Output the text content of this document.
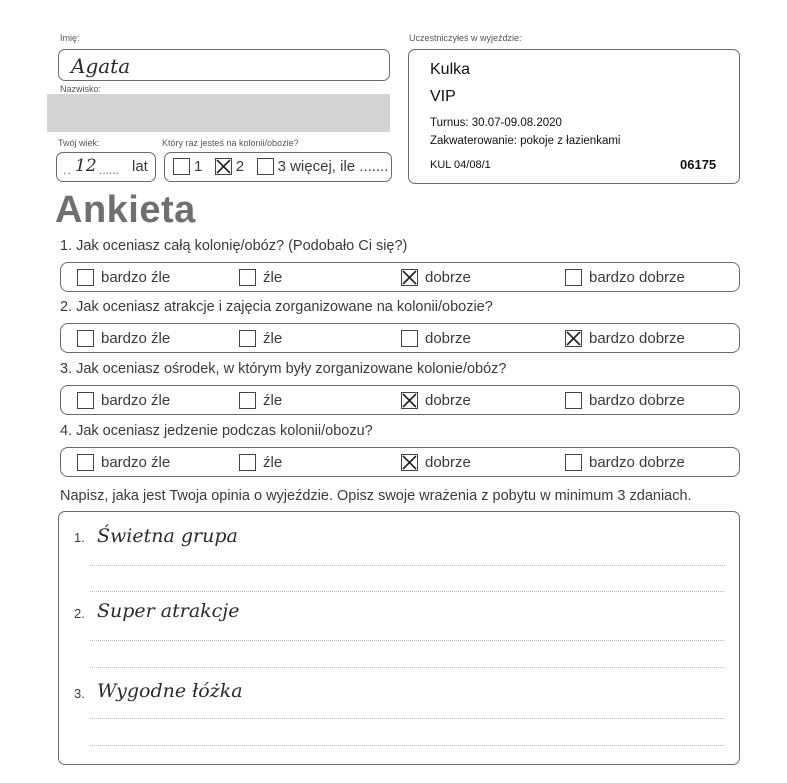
Imię:
Agata
Nazwisko:
Twój wiek:	Który raz jesteś na kolonii/obozie?
.. 12 ...... lat	1 2 3 więcej, ile .......
Uczestniczyłeś w wyjeździe:
Kulka
VIP
Turnus: 30.07-09.08.2020
Zakwaterowanie: pokoje z łazienkami
KUL 04/08/1	06175
Ankieta
1. Jak oceniasz całą kolonię/obóz? (Podobało Ci się?)
bardzo źle	źle	dobrze	bardzo dobrze
2. Jak oceniasz atrakcje i zajęcia zorganizowane na kolonii/obozie?
bardzo źle	źle	dobrze	bardzo dobrze
3. Jak oceniasz ośrodek, w którym były zorganizowane kolonie/obóz?
bardzo źle	źle	dobrze	bardzo dobrze
4. Jak oceniasz jedzenie podczas kolonii/obozu?
bardzo źle	źle	dobrze	bardzo dobrze
Napisz, jaka jest Twoja opinia o wyjeździe. Opisz swoje wrażenia z pobytu w minimum 3 zdaniach.
1. Świetna grupa
2. Super atrakcje
3. Wygodne łóżka
